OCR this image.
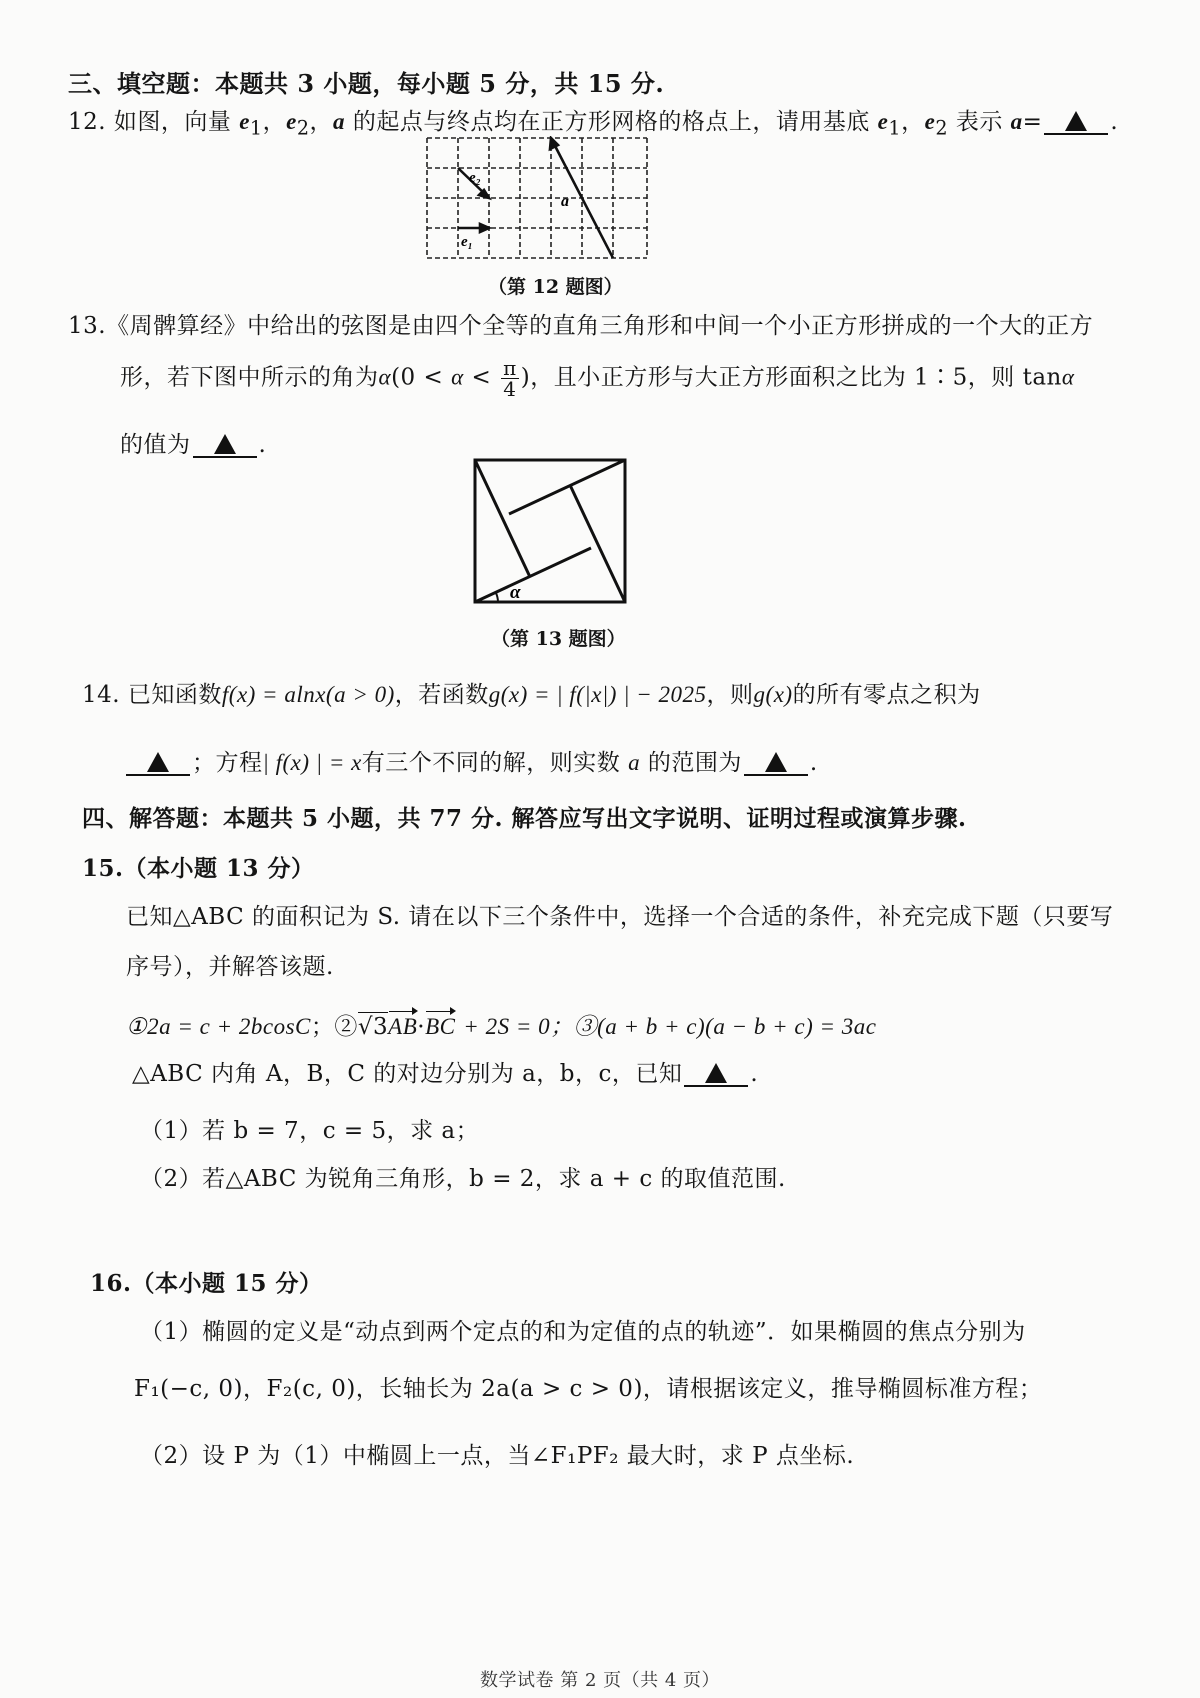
三、填空题：本题共 3 小题，每小题 5 分，共 15 分.
12. 如图，向量 $e_1$，$e_2$，a 的起点与终点均在正方形网格的格点上，请用基底 $e_1$，$e_2$ 表示 a=	.
e₁
e₂
a
（第 12 题图）
13.《周髀算经》中给出的弦图是由四个全等的直角三角形和中间一个小正方形拼成的一个大的正方
形，若下图中所示的角为$\alpha(0 < \alpha < \frac{\pi}{4}$ )，且小正方形与大正方形面积之比为 1∶5，则 tanα
的值为	.
α
（第 13 题图）
14. 已知函数f(x) = alnx(a > 0)，若函数g(x) = | f(|x|) | − 2025，则g(x)的所有零点之积为
；方程| f(x) | = x有三个不同的解，则实数 a 的范围为	.
四、解答题：本题共 5 小题，共 77 分. 解答应写出文字说明、证明过程或演算步骤.
15.（本小题 13 分）
已知△ABC 的面积记为 S. 请在以下三个条件中，选择一个合适的条件，补充完成下题（只要写
序号），并解答该题.
①2a = c + 2bcosC；②√3AB·BC + 2S = 0；③(a + b + c)(a − b + c) = 3ac
△ABC 内角 A，B，C 的对边分别为 a，b，c，已知	.
（1）若 b = 7，c = 5，求 a；
（2）若△ABC 为锐角三角形，b = 2，求 a + c 的取值范围.
16.（本小题 15 分）
（1）椭圆的定义是“动点到两个定点的和为定值的点的轨迹”．如果椭圆的焦点分别为
F₁(−c, 0)，F₂(c, 0)，长轴长为 2a(a > c > 0)，请根据该定义，推导椭圆标准方程；
（2）设 P 为（1）中椭圆上一点，当∠F₁PF₂ 最大时，求 P 点坐标.
数学试卷 第 2 页（共 4 页）
